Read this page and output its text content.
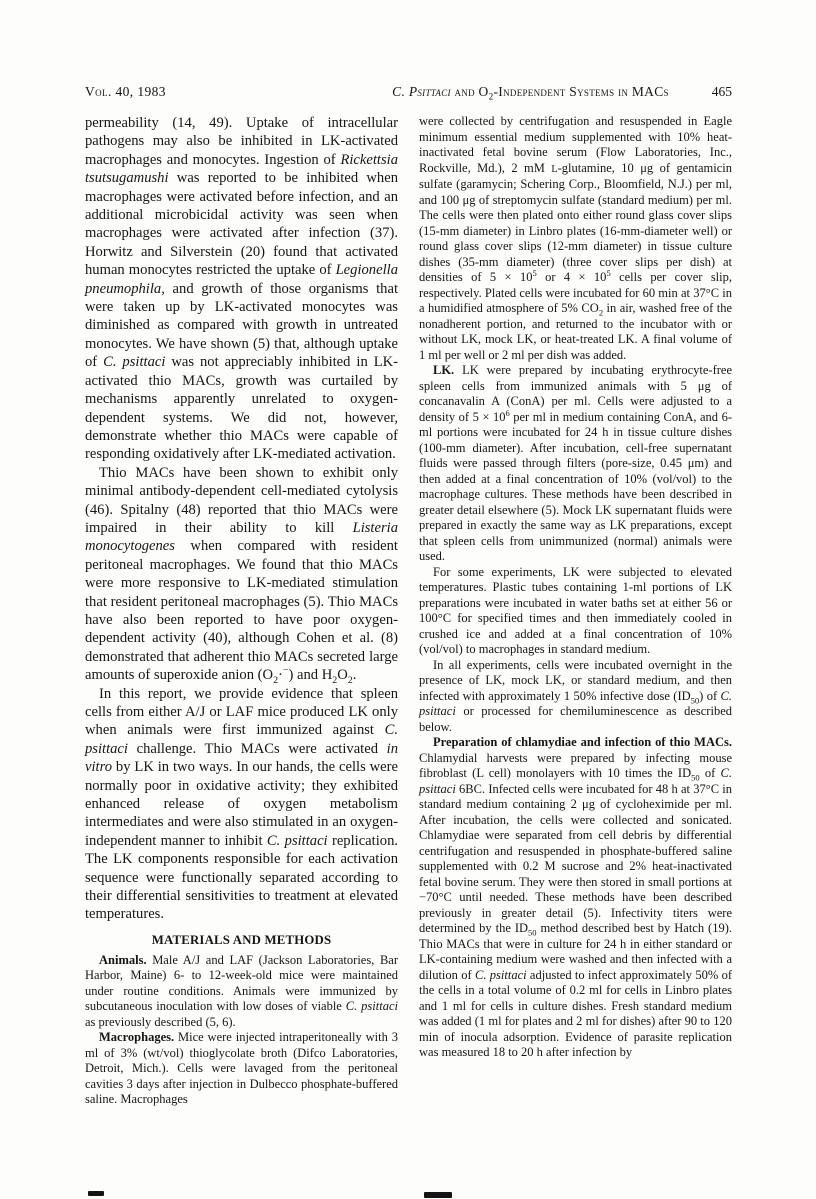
Vol. 40, 1983	C. Psittaci and $O_2$-Independent Systems in MACs	465

permeability (14, 49). Uptake of intracellular pathogens may also be inhibited in LK-activated macrophages and monocytes. Ingestion of Rickettsia tsutsugamushi was reported to be inhibited when macrophages were activated before infection, and an additional microbicidal activity was seen when macrophages were activated after infection (37). Horwitz and Silverstein (20) found that activated human monocytes restricted the uptake of Legionella pneumophila, and growth of those organisms that were taken up by LK-activated monocytes was diminished as compared with growth in untreated monocytes. We have shown (5) that, although uptake of C. psittaci was not appreciably inhibited in LK-activated thio MACs, growth was curtailed by mechanisms apparently unrelated to oxygen-dependent systems. We did not, however, demonstrate whether thio MACs were capable of responding oxidatively after LK-mediated activation.

Thio MACs have been shown to exhibit only minimal antibody-dependent cell-mediated cytolysis (46). Spitalny (48) reported that thio MACs were impaired in their ability to kill Listeria monocytogenes when compared with resident peritoneal macrophages. We found that thio MACs were more responsive to LK-mediated stimulation that resident peritoneal macrophages (5). Thio MACs have also been reported to have poor oxygen-dependent activity (40), although Cohen et al. (8) demonstrated that adherent thio MACs secreted large amounts of superoxide anion $(O_2\cdot^-)$ and $H_2O_2$.

In this report, we provide evidence that spleen cells from either A/J or LAF mice produced LK only when animals were first immunized against C. psittaci challenge. Thio MACs were activated in vitro by LK in two ways. In our hands, the cells were normally poor in oxidative activity; they exhibited enhanced release of oxygen metabolism intermediates and were also stimulated in an oxygen-independent manner to inhibit C. psittaci replication. The LK components responsible for each activation sequence were functionally separated according to their differential sensitivities to treatment at elevated temperatures.

MATERIALS AND METHODS

Animals. Male A/J and LAF (Jackson Laboratories, Bar Harbor, Maine) 6- to 12-week-old mice were maintained under routine conditions. Animals were immunized by subcutaneous inoculation with low doses of viable C. psittaci as previously described (5, 6).

Macrophages. Mice were injected intraperitoneally with 3 ml of 3% (wt/vol) thioglycolate broth (Difco Laboratories, Detroit, Mich.). Cells were lavaged from the peritoneal cavities 3 days after injection in Dulbecco phosphate-buffered saline. Macrophages

were collected by centrifugation and resuspended in Eagle minimum essential medium supplemented with 10% heat-inactivated fetal bovine serum (Flow Laboratories, Inc., Rockville, Md.), 2 mM L-glutamine, 10 μg of gentamicin sulfate (garamycin; Schering Corp., Bloomfield, N.J.) per ml, and 100 μg of streptomycin sulfate (standard medium) per ml. The cells were then plated onto either round glass cover slips (15-mm diameter) in Linbro plates (16-mm-diameter well) or round glass cover slips (12-mm diameter) in tissue culture dishes (35-mm diameter) (three cover slips per dish) at densities of $5 \times 10^5$ or $4 \times 10^5$ cells per cover slip, respectively. Plated cells were incubated for 60 min at 37°C in a humidified atmosphere of 5% $CO_2$ in air, washed free of the nonadherent portion, and returned to the incubator with or without LK, mock LK, or heat-treated LK. A final volume of 1 ml per well or 2 ml per dish was added.

LK. LK were prepared by incubating erythrocyte-free spleen cells from immunized animals with 5 μg of concanavalin A (ConA) per ml. Cells were adjusted to a density of $5 \times 10^6$ per ml in medium containing ConA, and 6-ml portions were incubated for 24 h in tissue culture dishes (100-mm diameter). After incubation, cell-free supernatant fluids were passed through filters (pore-size, 0.45 μm) and then added at a final concentration of 10% (vol/vol) to the macrophage cultures. These methods have been described in greater detail elsewhere (5). Mock LK supernatant fluids were prepared in exactly the same way as LK preparations, except that spleen cells from unimmunized (normal) animals were used.

For some experiments, LK were subjected to elevated temperatures. Plastic tubes containing 1-ml portions of LK preparations were incubated in water baths set at either 56 or 100°C for specified times and then immediately cooled in crushed ice and added at a final concentration of 10% (vol/vol) to macrophages in standard medium.

In all experiments, cells were incubated overnight in the presence of LK, mock LK, or standard medium, and then infected with approximately 1 50% infective dose $(ID_{50})$ of C. psittaci or processed for chemiluminescence as described below.

Preparation of chlamydiae and infection of thio MACs. Chlamydial harvests were prepared by infecting mouse fibroblast (L cell) monolayers with 10 times the $ID_{50}$ of C. psittaci 6BC. Infected cells were incubated for 48 h at 37°C in standard medium containing 2 μg of cycloheximide per ml. After incubation, the cells were collected and sonicated. Chlamydiae were separated from cell debris by differential centrifugation and resuspended in phosphate-buffered saline supplemented with 0.2 M sucrose and 2% heat-inactivated fetal bovine serum. They were then stored in small portions at −70°C until needed. These methods have been described previously in greater detail (5). Infectivity titers were determined by the $ID_{50}$ method described best by Hatch (19). Thio MACs that were in culture for 24 h in either standard or LK-containing medium were washed and then infected with a dilution of C. psittaci adjusted to infect approximately 50% of the cells in a total volume of 0.2 ml for cells in Linbro plates and 1 ml for cells in culture dishes. Fresh standard medium was added (1 ml for plates and 2 ml for dishes) after 90 to 120 min of inocula adsorption. Evidence of parasite replication was measured 18 to 20 h after infection by
